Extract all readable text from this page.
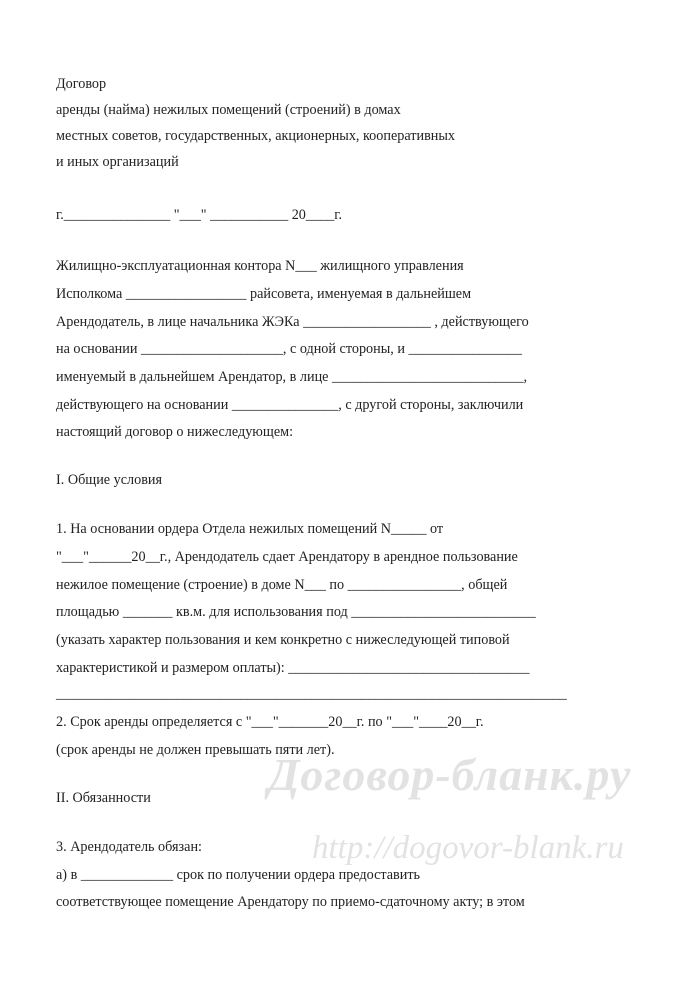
Договор
аренды (найма) нежилых помещений (строений) в домах
местных советов, государственных, акционерных, кооперативных
и иных организаций
г._______________ "___" ___________ 20____г.
Жилищно-эксплуатационная контора N___ жилищного управления
Исполкома _________________ райсовета, именуемая в дальнейшем
Арендодатель, в лице начальника ЖЭКа __________________ , действующего
на основании ____________________, с одной стороны, и ________________
именуемый в дальнейшем Арендатор, в лице ___________________________,
действующего на основании _______________, с другой стороны, заключили
настоящий договор о нижеследующем:
I. Общие условия
1. На основании ордера Отдела нежилых помещений N_____ от
"___"______20__г., Арендодатель сдает Арендатору в арендное пользование
нежилое помещение (строение) в доме N___ по ________________, общей
площадью _______ кв.м. для использования под __________________________
(указать характер пользования и кем конкретно с нижеследующей типовой
характеристикой и размером оплаты): __________________________________
________________________________________________________________________
2. Срок аренды определяется с "___"_______20__г. по "___"____20__г.
(срок аренды не должен превышать пяти лет).
II. Обязанности
3. Арендодатель обязан:
а) в _____________ срок по получении ордера предоставить
соответствующее помещение Арендатору по приемо-сдаточному акту; в этом
Договор-бланк.ру
http://dogovor-blank.ru
